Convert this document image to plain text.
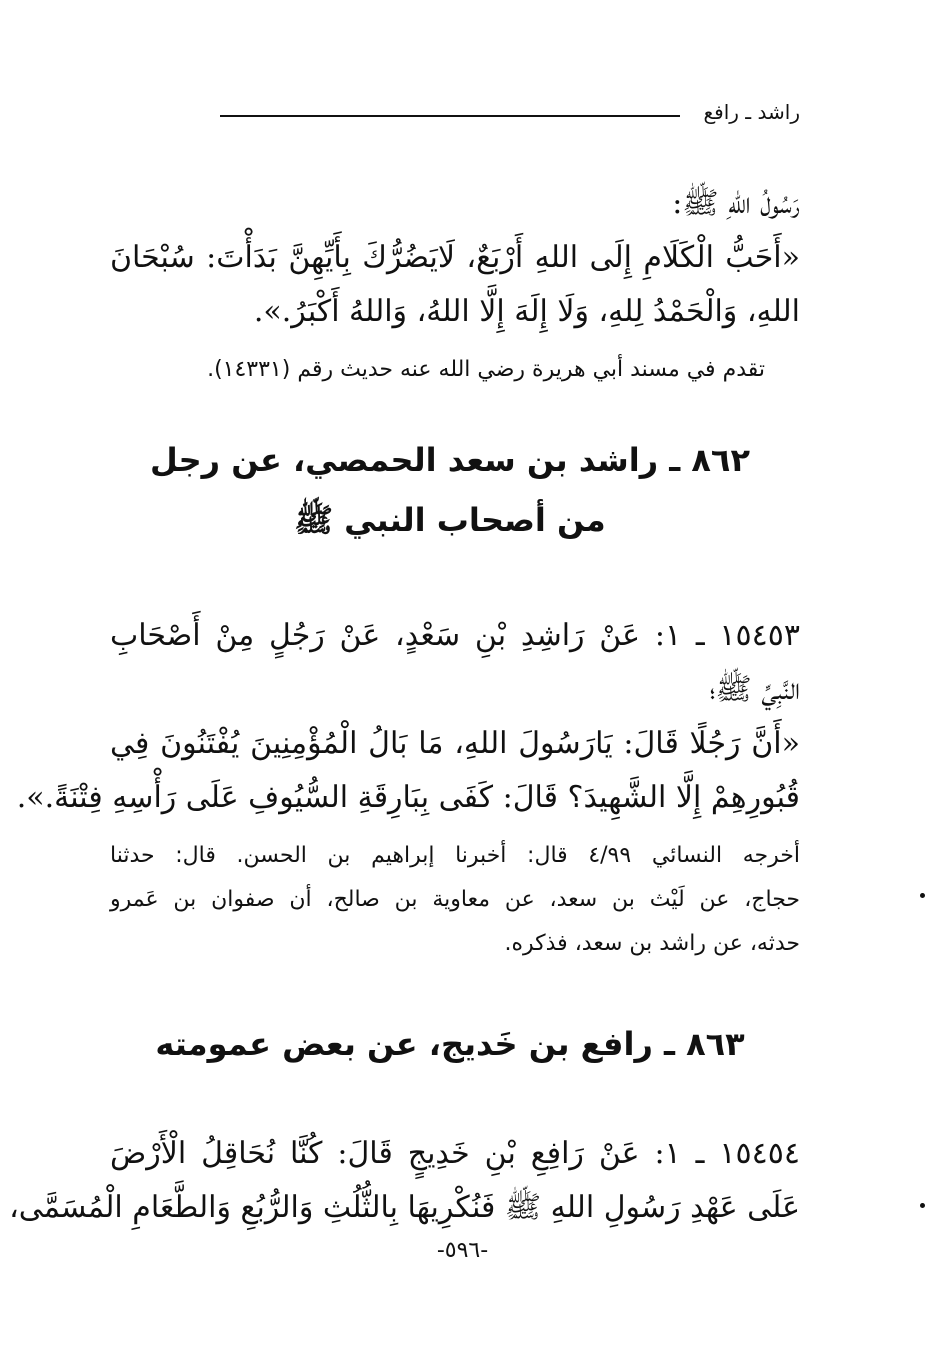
راشد ـ رافع
رَسُولُ اللهِ ﷺ:
«أَحَبُّ الْكَلَامِ إِلَى اللهِ أَرْبَعٌ، لَايَضُرُّكَ بِأَيِّهِنَّ بَدَأْتَ: سُبْحَانَ
اللهِ، وَالْحَمْدُ لِلهِ، وَلَا إِلَهَ إِلَّا اللهُ، وَاللهُ أَكْبَرُ.».
تقدم في مسند أبي هريرة رضي الله عنه حديث رقم (١٤٣٣١).
٨٦٢ ـ راشد بن سعد الحمصي، عن رجل
من أصحاب النبي ﷺ
١٥٤٥٣ ـ ١: عَنْ رَاشِدِ بْنِ سَعْدٍ، عَنْ رَجُلٍ مِنْ أَصْحَابِ
النَّبِيِّ ﷺ؛
«أَنَّ رَجُلًا قَالَ: يَارَسُولَ اللهِ، مَا بَالُ الْمُؤْمِنِينَ يُفْتَنُونَ فِي
قُبُورِهِمْ إِلَّا الشَّهِيدَ؟ قَالَ: كَفَى بِبَارِقَةِ السُّيُوفِ عَلَى رَأْسِهِ فِتْنَةً.».
أخرجه النسائي ٤/٩٩ قال: أخبرنا إبراهيم بن الحسن. قال: حدثنا
حجاج، عن لَيْث بن سعد، عن معاوية بن صالح، أن صفوان بن عَمرو
حدثه، عن راشد بن سعد، فذكره.
٨٦٣ ـ رافع بن خَديج، عن بعض عمومته
١٥٤٥٤ ـ ١: عَنْ رَافِعِ بْنِ خَدِيجٍ قَالَ: كُنَّا نُحَاقِلُ الْأَرْضَ
عَلَى عَهْدِ رَسُولِ اللهِ ﷺ فَنُكْرِيهَا بِالثُّلُثِ وَالرُّبُعِ وَالطَّعَامِ الْمُسَمَّى،
-٥٩٦-
